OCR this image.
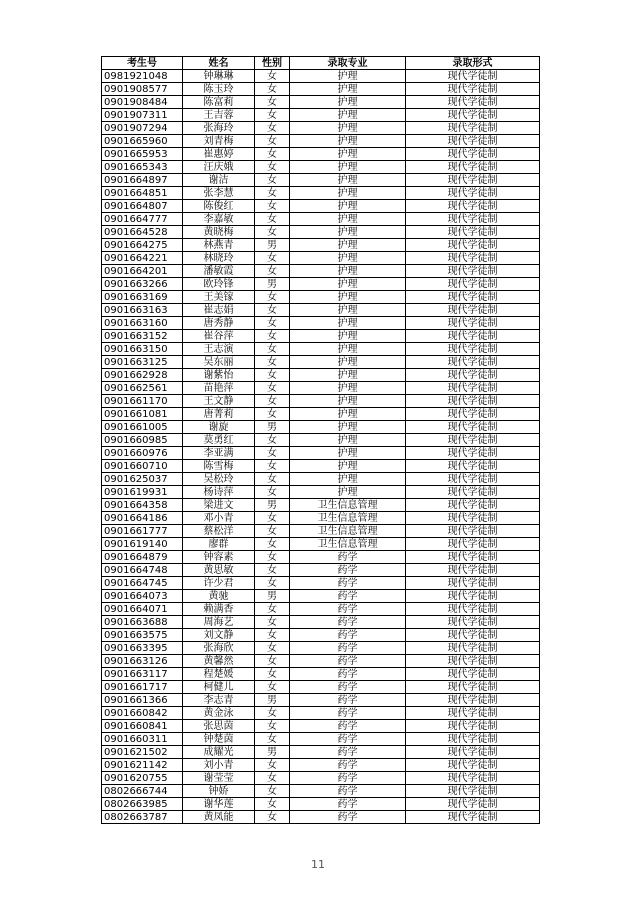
考生号	姓名	性别	录取专业	录取形式
0981921048	钟琳琳	女	护理	现代学徒制
0901908577	陈玉玲	女	护理	现代学徒制
0901908484	陈富莉	女	护理	现代学徒制
0901907311	王吉蓉	女	护理	现代学徒制
0901907294	张海玲	女	护理	现代学徒制
0901665960	刘青梅	女	护理	现代学徒制
0901665953	崔惠婷	女	护理	现代学徒制
0901665343	汪庆娥	女	护理	现代学徒制
0901664897	谢洁	女	护理	现代学徒制
0901664851	张李慧	女	护理	现代学徒制
0901664807	陈俊红	女	护理	现代学徒制
0901664777	李嘉敏	女	护理	现代学徒制
0901664528	黄晓梅	女	护理	现代学徒制
0901664275	林燕青	男	护理	现代学徒制
0901664221	林晓玲	女	护理	现代学徒制
0901664201	潘敏霞	女	护理	现代学徒制
0901663266	欧玲锋	男	护理	现代学徒制
0901663169	王美镓	女	护理	现代学徒制
0901663163	崔志娟	女	护理	现代学徒制
0901663160	唐秀静	女	护理	现代学徒制
0901663152	崔谷萍	女	护理	现代学徒制
0901663150	王志演	女	护理	现代学徒制
0901663125	吴东丽	女	护理	现代学徒制
0901662928	谢紫怡	女	护理	现代学徒制
0901662561	苗艳萍	女	护理	现代学徒制
0901661170	王文静	女	护理	现代学徒制
0901661081	唐菁莉	女	护理	现代学徒制
0901661005	谢旋	男	护理	现代学徒制
0901660985	莫勇红	女	护理	现代学徒制
0901660976	李亚满	女	护理	现代学徒制
0901660710	陈雪梅	女	护理	现代学徒制
0901625037	吴松玲	女	护理	现代学徒制
0901619931	杨诗萍	女	护理	现代学徒制
0901664358	梁进文	男	卫生信息管理	现代学徒制
0901664186	邓小青	女	卫生信息管理	现代学徒制
0901661777	蔡松洋	女	卫生信息管理	现代学徒制
0901619140	廖群	女	卫生信息管理	现代学徒制
0901664879	钟容素	女	药学	现代学徒制
0901664748	黄思敏	女	药学	现代学徒制
0901664745	许少君	女	药学	现代学徒制
0901664073	黄驰	男	药学	现代学徒制
0901664071	赖满香	女	药学	现代学徒制
0901663688	周海艺	女	药学	现代学徒制
0901663575	刘文静	女	药学	现代学徒制
0901663395	张海欣	女	药学	现代学徒制
0901663126	黄馨然	女	药学	现代学徒制
0901663117	程楚媛	女	药学	现代学徒制
0901661717	柯健儿	女	药学	现代学徒制
0901661366	李志青	男	药学	现代学徒制
0901660842	黄金泳	女	药学	现代学徒制
0901660841	张思茵	女	药学	现代学徒制
0901660311	钟楚茵	女	药学	现代学徒制
0901621502	成耀光	男	药学	现代学徒制
0901621142	刘小青	女	药学	现代学徒制
0901620755	谢莹莹	女	药学	现代学徒制
0802666744	钟娇	女	药学	现代学徒制
0802663985	谢华莲	女	药学	现代学徒制
0802663787	黄凤能	女	药学	现代学徒制
11
